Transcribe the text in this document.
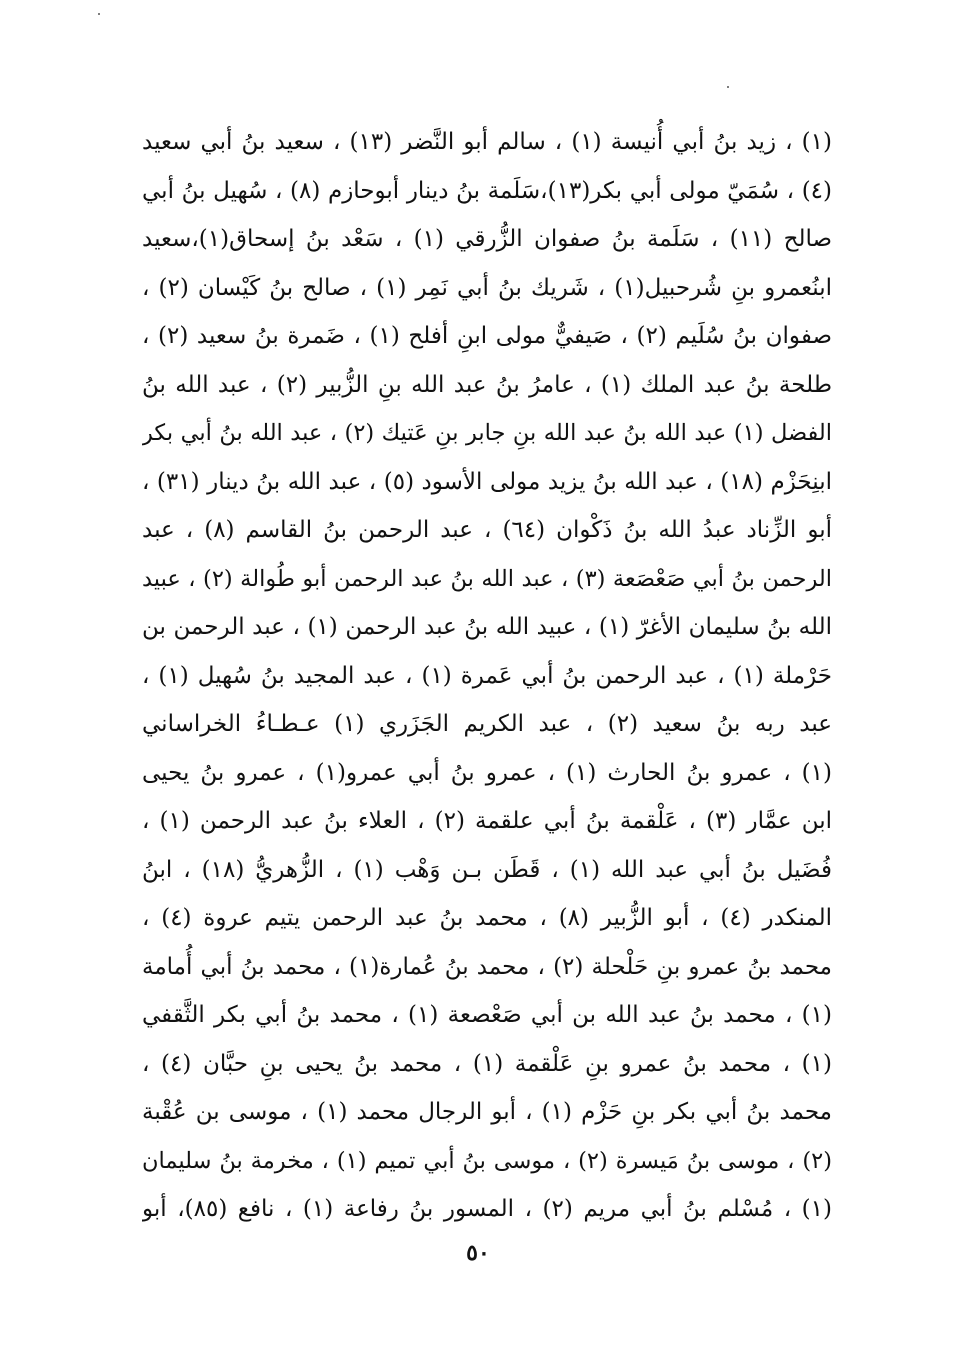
(١) ، زيد بنُ أبي أُنيسة (١) ، سالم أبو النَّضر (١٣) ، سعيد بنُ أبي سعيد
(٤) ، سُمَيّ مولى أبي بكر(١٣)،سَلَمة بنُ دينار أبوحازم (٨) ، سُهيل بنُ أبي
صالح (١١) ، سَلَمة بنُ صفوان الزُّرقي (١) ، سَعْد بنُ إسحاق(١)،سعيد
ابنُعمرو بنِ شُرحبيل(١) ، شَريك بنُ أبي نَمِر (١) ، صالح بنُ كَيْسان (٢) ،
صفوان بنُ سُلَيم (٢) ، صَيفيٌّ مولى ابنِ أفلح (١) ، ضَمرة بنُ سعيد (٢) ،
طلحة بنُ عبد الملك (١) ، عامرُ بنُ عبد الله بنِ الزُّبير (٢) ، عبد الله بنُ
الفضل (١) عبد الله بنُ عبد الله بنِ جابر بنِ عَتيك (٢) ، عبد الله بنُ أبي بكر
ابنِحَزْم (١٨) ، عبد الله بنُ يزيد مولى الأسود (٥) ، عبد الله بنُ دينار (٣١) ،
أبو الزِّناد عبدُ الله بنُ ذَكْوان (٦٤) ، عبد الرحمن بنُ القاسم (٨) ، عبد
الرحمن بنُ أبي صَعْصَعة (٣) ، عبد الله بنُ عبد الرحمن أبو طُوالة (٢) ، عبيد
الله بنُ سليمان الأغرّ (١) ، عبيد الله بنُ عبد الرحمن (١) ، عبد الرحمن بن
حَرْملة (١) ، عبد الرحمن بنُ أبي عَمرة (١) ، عبد المجيد بنُ سُهيل (١) ،
عبد ربه بنُ سعيد (٢) ، عبد الكريم الجَزَري (١) عـطـاءُ الخراساني
(١) ، عمرو بنُ الحارث (١) ، عمرو بنُ أبي عمرو(١) ، عمرو بنُ يحيى
ابن عمَّار (٣) ، عَلْقمة بنُ أبي علقمة (٢) ، العلاء بنُ عبد الرحمن (١) ،
فُضَيل بنُ أبي عبد الله (١) ، قَطَن بـن وَهْب (١) ، الزُّهريُّ (١٨) ، ابنُ
المنكدر (٤) ، أبو الزُّبير (٨) ، محمد بنُ عبد الرحمن يتيم عروة (٤) ،
محمد بنُ عمرو بنِ حَلْحلة (٢) ، محمد بنُ عُمارة(١) ، محمد بنُ أبي أُمامة
(١) ، محمد بنُ عبد الله بن أبي صَعْصعة (١) ، محمد بنُ أبي بكر الثَّقفي
(١) ، محمد بنُ عمرو بنِ عَلْقمة (١) ، محمد بنُ يحيى بنِ حبَّان (٤) ،
محمد بنُ أبي بكر بنِ حَزْم (١) ، أبو الرجال محمد (١) ، موسى بن عُقْبة
(٢) ، موسى بنُ مَيسرة (٢) ، موسى بنُ أبي تميم (١) ، مخرمة بنُ سليمان
(١) ، مُسْلم بنُ أبي مريم (٢) ، المسور بنُ رفاعة (١) ، نافع (٨٥)، أبو
٥٠
